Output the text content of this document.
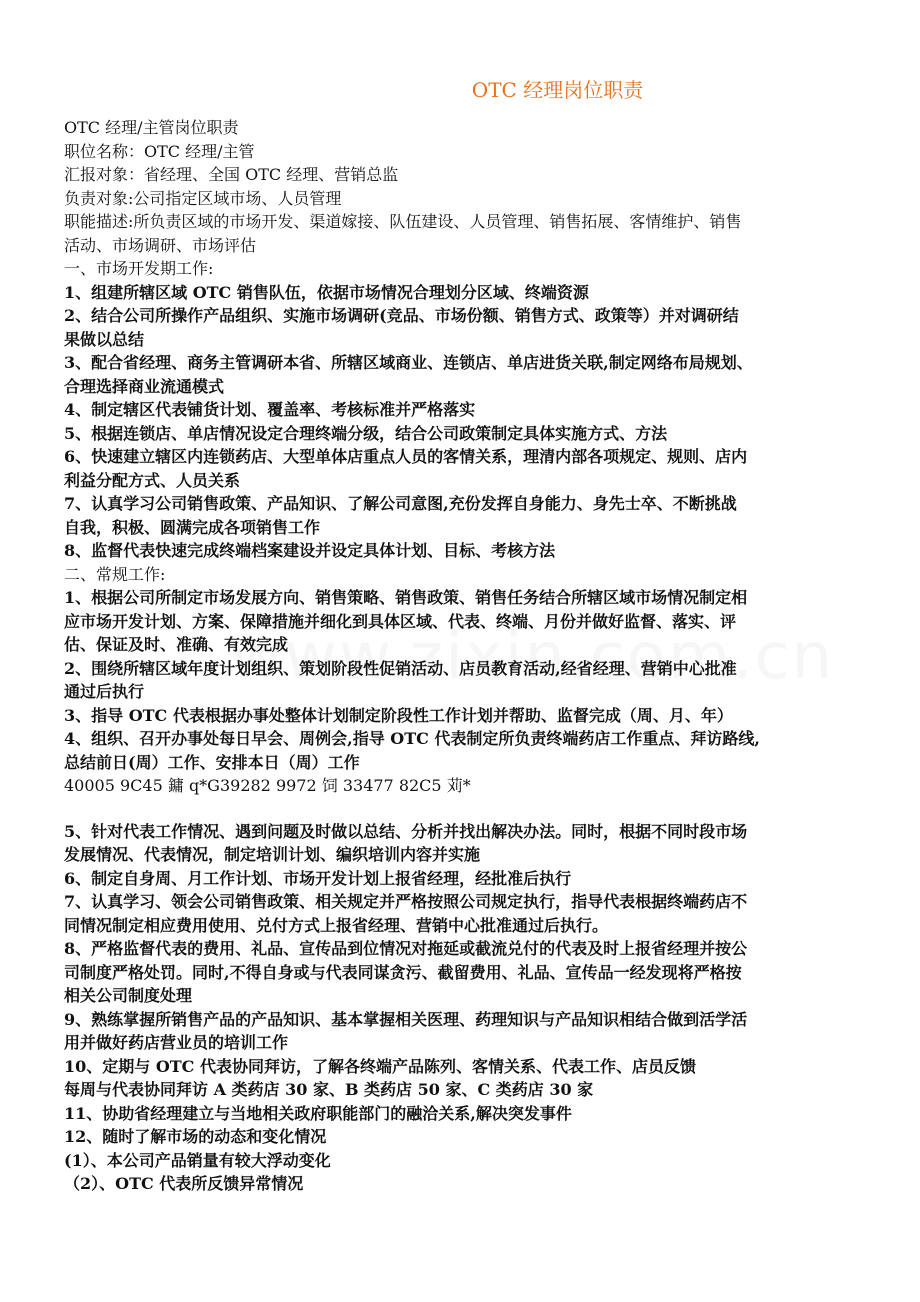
OTC 经理岗位职责
OTC 经理/主管岗位职责
职位名称：OTC 经理/主管
汇报对象：省经理、全国 OTC 经理、营销总监
负责对象:公司指定区域市场、人员管理
职能描述:所负责区域的市场开发、渠道嫁接、队伍建设、人员管理、销售拓展、客情维护、销售
活动、市场调研、市场评估
一、市场开发期工作:
1、组建所辖区域 OTC 销售队伍，依据市场情况合理划分区域、终端资源
2、结合公司所操作产品组织、实施市场调研(竞品、市场份额、销售方式、政策等）并对调研结
果做以总结
3、配合省经理、商务主管调研本省、所辖区域商业、连锁店、单店进货关联,制定网络布局规划、
合理选择商业流通模式
4、制定辖区代表铺货计划、覆盖率、考核标准并严格落实
5、根据连锁店、单店情况设定合理终端分级，结合公司政策制定具体实施方式、方法
6、快速建立辖区内连锁药店、大型单体店重点人员的客情关系，理清内部各项规定、规则、店内
利益分配方式、人员关系
7、认真学习公司销售政策、产品知识、了解公司意图,充份发挥自身能力、身先士卒、不断挑战
自我，积极、圆满完成各项销售工作
8、监督代表快速完成终端档案建设并设定具体计划、目标、考核方法
二、常规工作:
1、根据公司所制定市场发展方向、销售策略、销售政策、销售任务结合所辖区域市场情况制定相
应市场开发计划、方案、保障措施并细化到具体区域、代表、终端、月份并做好监督、落实、评
估、保证及时、准确、有效完成
2、围绕所辖区域年度计划组织、策划阶段性促销活动、店员教育活动,经省经理、营销中心批准
通过后执行
3、指导 OTC 代表根据办事处整体计划制定阶段性工作计划并帮助、监督完成（周、月、年）
4、组织、召开办事处每日早会、周例会,指导 OTC 代表制定所负责终端药店工作重点、拜访路线,
总结前日(周）工作、安排本日（周）工作
40005 9C45 鏞 q*G39282 9972 饲 33477 82C5 苅*
5、针对代表工作情况、遇到问题及时做以总结、分析并找出解决办法。同时，根据不同时段市场
发展情况、代表情况，制定培训计划、编织培训内容并实施
6、制定自身周、月工作计划、市场开发计划上报省经理，经批准后执行
7、认真学习、领会公司销售政策、相关规定并严格按照公司规定执行，指导代表根据终端药店不
同情况制定相应费用使用、兑付方式上报省经理、营销中心批准通过后执行。
8、严格监督代表的费用、礼品、宣传品到位情况对拖延或截流兑付的代表及时上报省经理并按公
司制度严格处罚。同时,不得自身或与代表同谋贪污、截留费用、礼品、宣传品一经发现将严格按
相关公司制度处理
9、熟练掌握所销售产品的产品知识、基本掌握相关医理、药理知识与产品知识相结合做到活学活
用并做好药店营业员的培训工作
10、定期与 OTC 代表协同拜访，了解各终端产品陈列、客情关系、代表工作、店员反馈
每周与代表协同拜访 A 类药店 30 家、B 类药店 50 家、C 类药店 30 家
11、协助省经理建立与当地相关政府职能部门的融洽关系,解决突发事件
12、随时了解市场的动态和变化情况
(1）、本公司产品销量有较大浮动变化
（2）、OTC 代表所反馈异常情况
